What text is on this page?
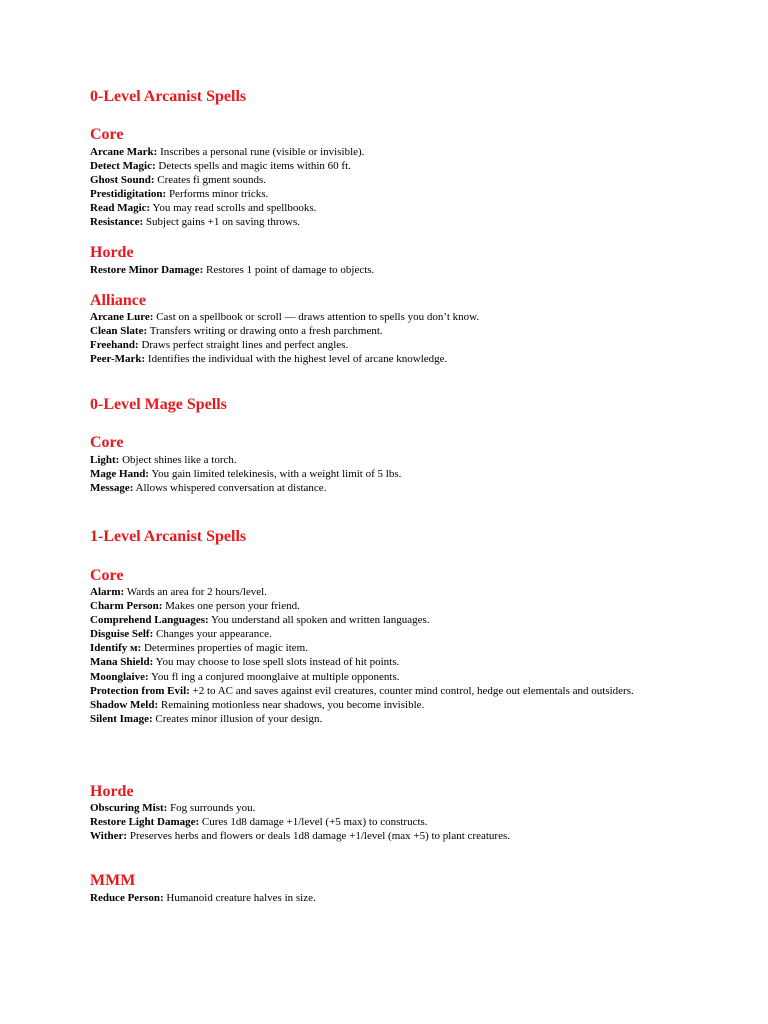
0-Level Arcanist Spells
Core
Arcane Mark: Inscribes a personal rune (visible or invisible).
Detect Magic: Detects spells and magic items within 60 ft.
Ghost Sound: Creates fi gment sounds.
Prestidigitation: Performs minor tricks.
Read Magic: You may read scrolls and spellbooks.
Resistance: Subject gains +1 on saving throws.
Horde
Restore Minor Damage: Restores 1 point of damage to objects.
Alliance
Arcane Lure: Cast on a spellbook or scroll — draws attention to spells you don’t know.
Clean Slate: Transfers writing or drawing onto a fresh parchment.
Freehand: Draws perfect straight lines and perfect angles.
Peer-Mark: Identifies the individual with the highest level of arcane knowledge.
0-Level Mage Spells
Core
Light: Object shines like a torch.
Mage Hand: You gain limited telekinesis, with a weight limit of 5 lbs.
Message: Allows whispered conversation at distance.
1-Level Arcanist Spells
Core
Alarm: Wards an area for 2 hours/level.
Charm Person: Makes one person your friend.
Comprehend Languages: You understand all spoken and written languages.
Disguise Self: Changes your appearance.
Identify м: Determines properties of magic item.
Mana Shield: You may choose to lose spell slots instead of hit points.
Moonglaive: You fl ing a conjured moonglaive at multiple opponents.
Protection from Evil: +2 to AC and saves against evil creatures, counter mind control, hedge out elementals and outsiders.
Shadow Meld: Remaining motionless near shadows, you become invisible.
Silent Image: Creates minor illusion of your design.
Horde
Obscuring Mist: Fog surrounds you.
Restore Light Damage: Cures 1d8 damage +1/level (+5 max) to constructs.
Wither: Preserves herbs and flowers or deals 1d8 damage +1/level (max +5) to plant creatures.
MMM
Reduce Person: Humanoid creature halves in size.
